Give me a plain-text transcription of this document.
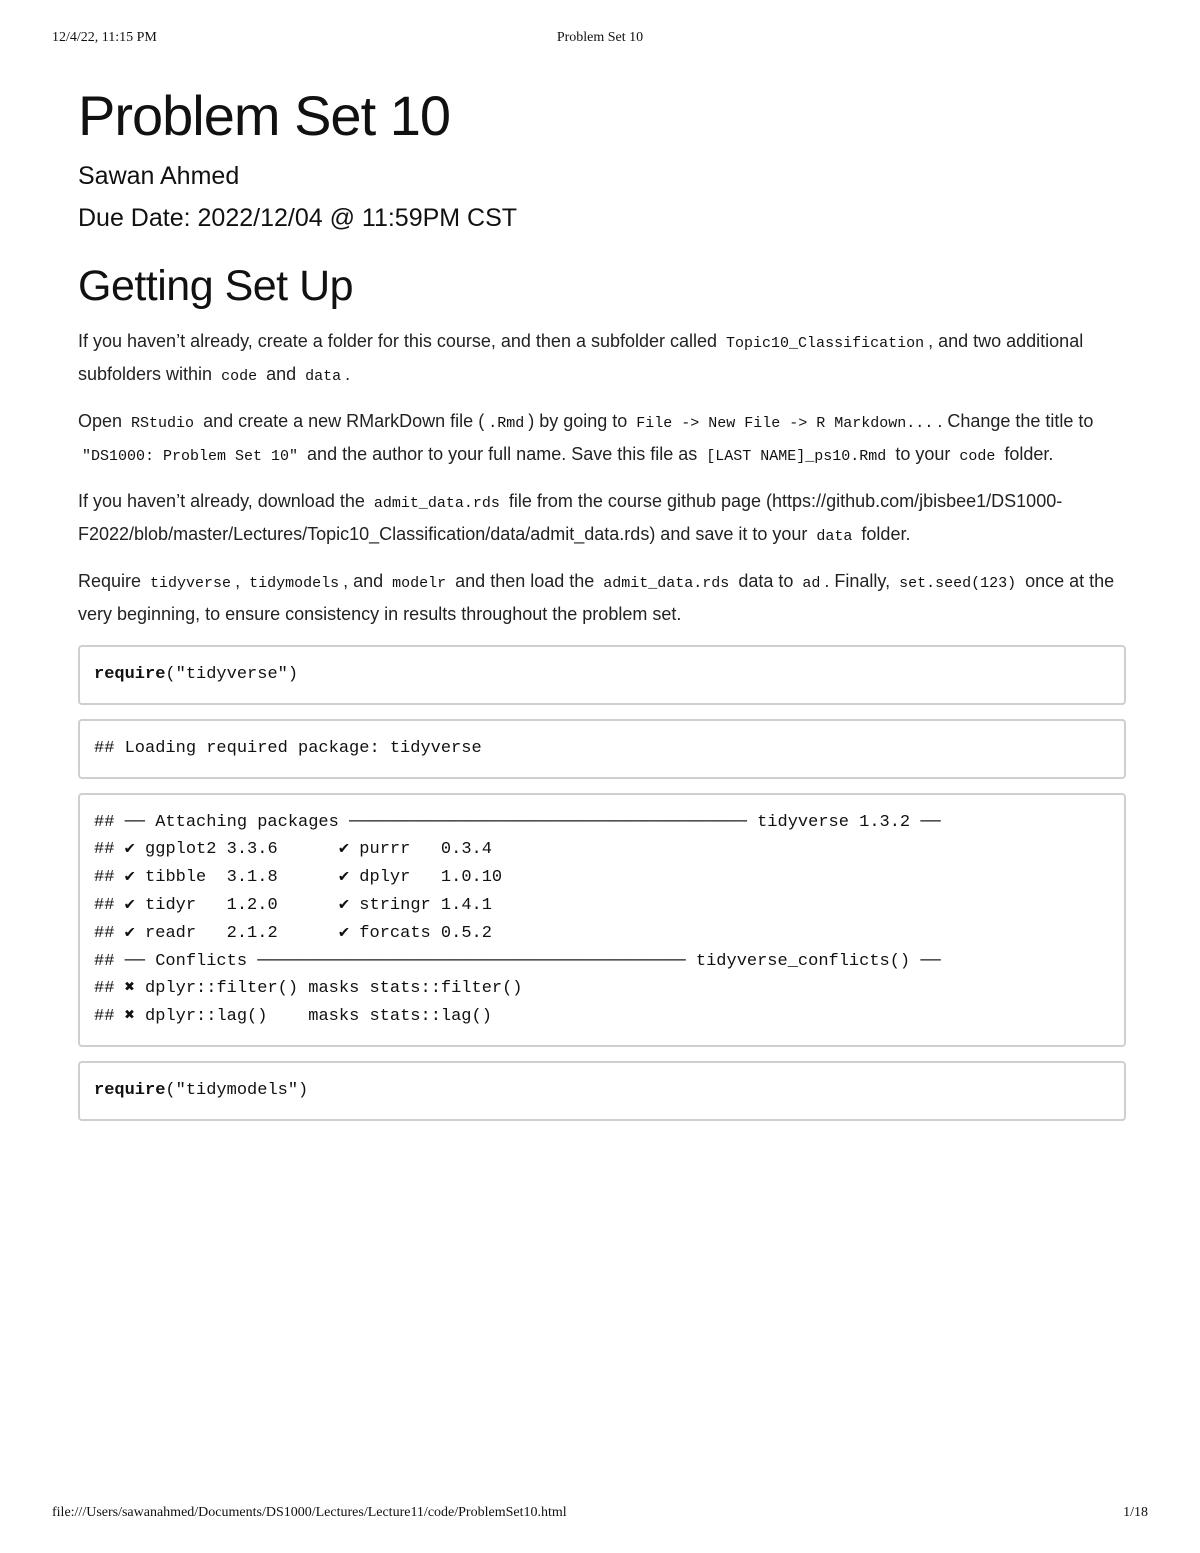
12/4/22, 11:15 PM	Problem Set 10
Problem Set 10
Sawan Ahmed
Due Date: 2022/12/04 @ 11:59PM CST
Getting Set Up

If you haven’t already, create a folder for this course, and then a subfolder called Topic10_Classification , and two additional subfolders within code and data .

Open RStudio and create a new RMarkDown file ( .Rmd ) by going to File -> New File -> R Markdown... . Change the title to "DS1000: Problem Set 10" and the author to your full name. Save this file as [LAST NAME]_ps10.Rmd to your code folder.

If you haven’t already, download the admit_data.rds file from the course github page (https://github.com/jbisbee1/DS1000-F2022/blob/master/Lectures/Topic10_Classification/data/admit_data.rds) and save it to your data folder.

Require tidyverse , tidymodels , and modelr and then load the admit_data.rds data to ad . Finally, set.seed(123) once at the very beginning, to ensure consistency in results throughout the problem set.

require("tidyverse")
## Loading required package: tidyverse
## ── Attaching packages ─────────────────────────────────────── tidyverse 1.3.2 ──
## ✔ ggplot2 3.3.6      ✔ purrr   0.3.4
## ✔ tibble  3.1.8      ✔ dplyr   1.0.10
## ✔ tidyr   1.2.0      ✔ stringr 1.4.1
## ✔ readr   2.1.2      ✔ forcats 0.5.2
## ── Conflicts ────────────────────────────────────────── tidyverse_conflicts() ──
## ✖ dplyr::filter() masks stats::filter()
## ✖ dplyr::lag()    masks stats::lag()
require("tidymodels")
file:///Users/sawanahmed/Documents/DS1000/Lectures/Lecture11/code/ProblemSet10.html	1/18
